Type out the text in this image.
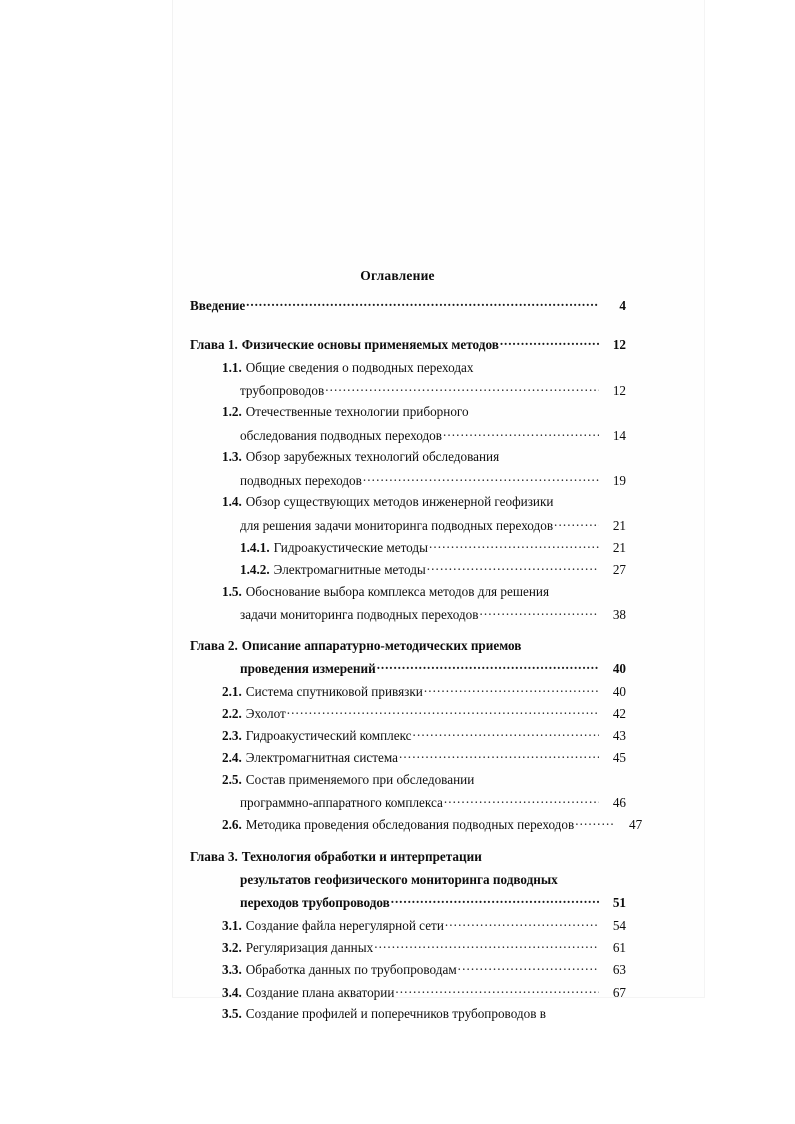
Оглавление
Введение .....	4
Глава 1. Физические основы применяемых методов .....	12
1.1. Общие сведения о подводных переходах
трубопроводов .....	12
1.2. Отечественные технологии приборного
обследования подводных переходов .....	14
1.3. Обзор зарубежных технологий обследования
подводных переходов .....	19
1.4. Обзор существующих методов инженерной геофизики
для решения задачи мониторинга подводных переходов .....	21
1.4.1. Гидроакустические методы .....	21
1.4.2. Электромагнитные методы .....	27
1.5. Обоснование выбора комплекса методов для решения
задачи мониторинга подводных переходов .....	38
Глава 2. Описание аппаратурно-методических приемов
проведения измерений .....	40
2.1. Система спутниковой привязки .....	40
2.2. Эхолот .....	42
2.3. Гидроакустический комплекс .....	43
2.4. Электромагнитная система .....	45
2.5. Состав применяемого при обследовании
программно-аппаратного комплекса .....	46
2.6. Методика проведения обследования подводных переходов .....	47
Глава 3. Технология обработки и интерпретации
результатов геофизического мониторинга подводных
переходов трубопроводов .....	51
3.1. Создание файла нерегулярной сети .....	54
3.2. Регуляризация данных .....	61
3.3. Обработка данных по трубопроводам .....	63
3.4. Создание плана акватории .....	67
3.5. Создание профилей и поперечников трубопроводов в
